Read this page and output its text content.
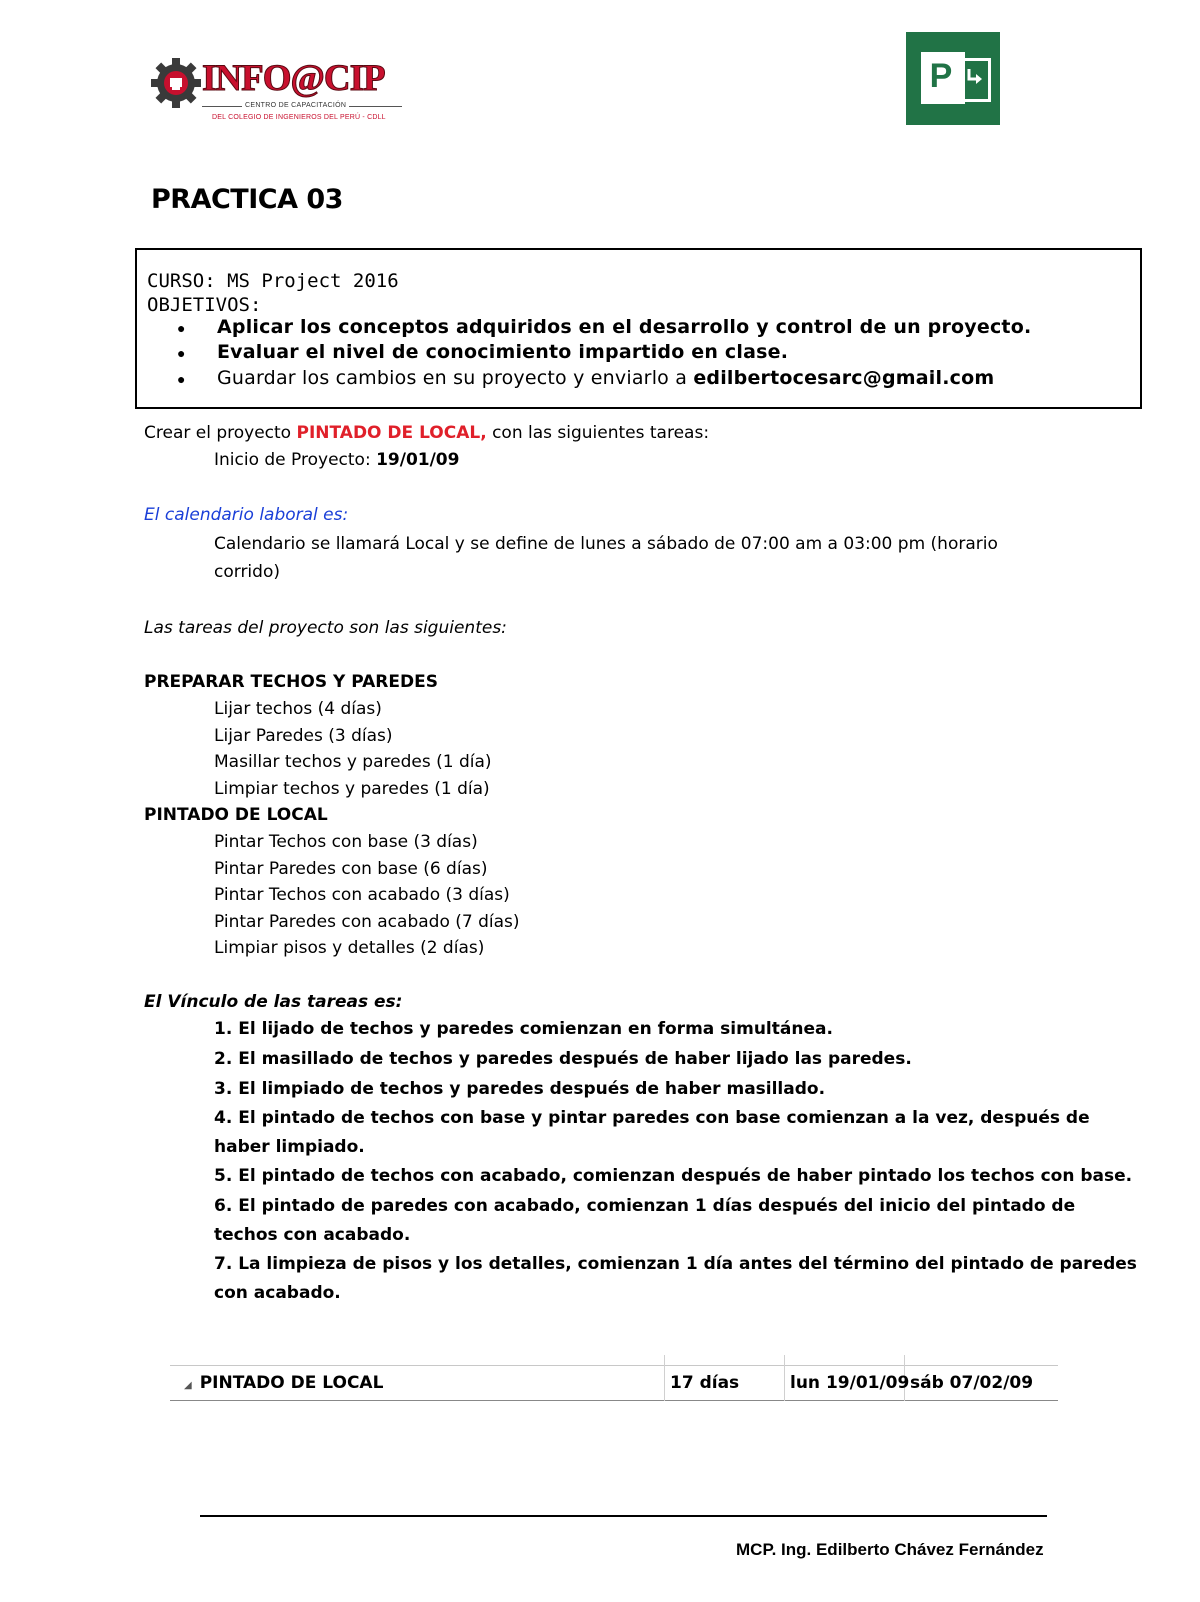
INFO@CIP
CENTRO DE CAPACITACIÓN
DEL COLEGIO DE INGENIEROS DEL PERÚ - CDLL
P
PRACTICA 03
CURSO: MS Project 2016
OBJETIVOS:
● Aplicar los conceptos adquiridos en el desarrollo y control de un proyecto.
● Evaluar el nivel de conocimiento impartido en clase.
● Guardar los cambios en su proyecto y enviarlo a edilbertocesarc@gmail.com
Crear el proyecto PINTADO DE LOCAL, con las siguientes tareas:
Inicio de Proyecto: 19/01/09
El calendario laboral es:
Calendario se llamará Local y se define de lunes a sábado de 07:00 am a 03:00 pm (horario
corrido)
Las tareas del proyecto son las siguientes:
PREPARAR TECHOS Y PAREDES
Lijar techos (4 días)
Lijar Paredes (3 días)
Masillar techos y paredes (1 día)
Limpiar techos y paredes (1 día)
PINTADO DE LOCAL
Pintar Techos con base (3 días)
Pintar Paredes con base (6 días)
Pintar Techos con acabado (3 días)
Pintar Paredes con acabado (7 días)
Limpiar pisos y detalles (2 días)
El Vínculo de las tareas es:
1. El lijado de techos y paredes comienzan en forma simultánea.
2. El masillado de techos y paredes después de haber lijado las paredes.
3. El limpiado de techos y paredes después de haber masillado.
4. El pintado de techos con base y pintar paredes con base comienzan a la vez, después de
haber limpiado.
5. El pintado de techos con acabado, comienzan después de haber pintado los techos con base.
6. El pintado de paredes con acabado, comienzan 1 días después del inicio del pintado de
techos con acabado.
7. La limpieza de pisos y los detalles, comienzan 1 día antes del término del pintado de paredes
con acabado.
◢ PINTADO DE LOCAL	17 días	lun 19/01/09 sáb 07/02/09
MCP. Ing. Edilberto Chávez Fernández
